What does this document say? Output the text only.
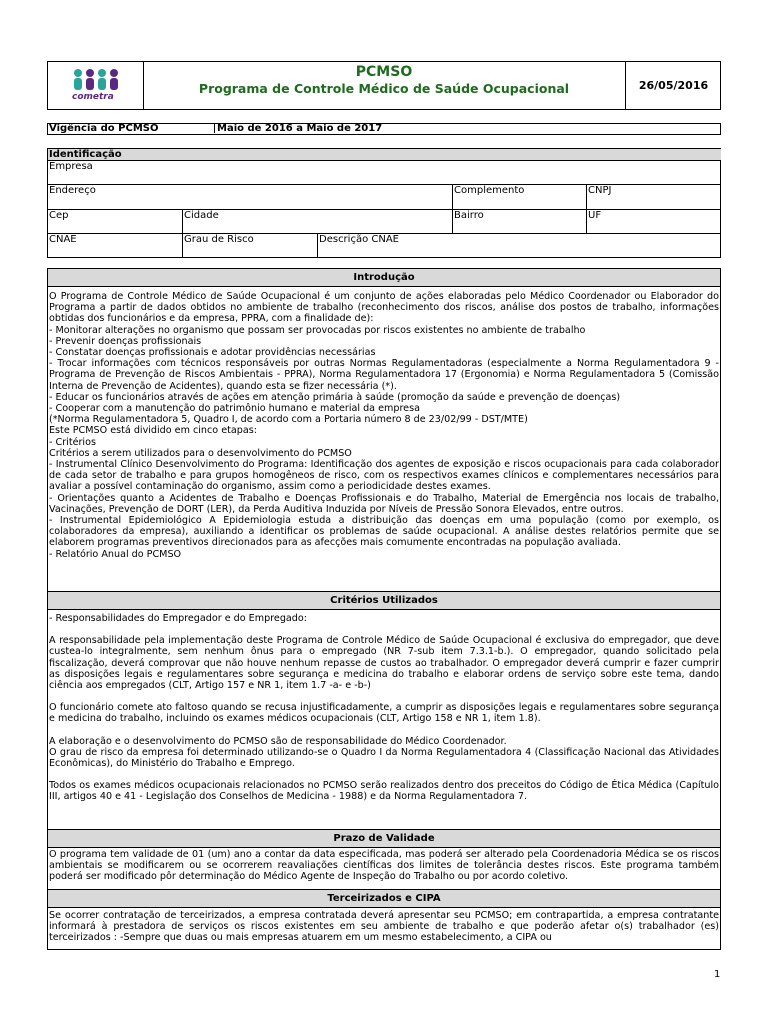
cometra
PCMSO
Programa de Controle Médico de Saúde Ocupacional	26/05/2016
Vigência do PCMSO	Maio de 2016 a Maio de 2017
Identificação
Empresa
Endereço	Complemento	CNPJ
Cep	Cidade	Bairro	UF
CNAE	Grau de Risco	Descrição CNAE
Introdução

O Programa de Controle Médico de Saúde Ocupacional é um conjunto de ações elaboradas pelo Médico Coordenador ou Elaborador do Programa a partir de dados obtidos no ambiente de trabalho (reconhecimento dos riscos, análise dos postos de trabalho, informações obtidas dos funcionários e da empresa, PPRA, com a finalidade de):

- Monitorar alterações no organismo que possam ser provocadas por riscos existentes no ambiente de trabalho

- Prevenir doenças profissionais

- Constatar doenças profissionais e adotar providências necessárias

- Trocar informações com técnicos responsáveis por outras Normas Regulamentadoras (especialmente a Norma Regulamentadora 9 - Programa de Prevenção de Riscos Ambientais - PPRA), Norma Regulamentadora 17 (Ergonomia) e Norma Regulamentadora 5 (Comissão Interna de Prevenção de Acidentes), quando esta se fizer necessária (*).

- Educar os funcionários através de ações em atenção primária à saúde (promoção da saúde e prevenção de doenças)

- Cooperar com a manutenção do patrimônio humano e material da empresa

(*Norma Regulamentadora 5, Quadro I, de acordo com a Portaria número 8 de 23/02/99 - DST/MTE)

Este PCMSO está dividido em cinco etapas:

- Critérios

Critérios a serem utilizados para o desenvolvimento do PCMSO

- Instrumental Clínico Desenvolvimento do Programa: Identificação dos agentes de exposição e riscos ocupacionais para cada colaborador de cada setor de trabalho e para grupos homogêneos de risco, com os respectivos exames clínicos e complementares necessários para avaliar a possível contaminação do organismo, assim como a periodicidade destes exames.

- Orientações quanto a Acidentes de Trabalho e Doenças Profissionais e do Trabalho, Material de Emergência nos locais de trabalho, Vacinações, Prevenção de DORT (LER), da Perda Auditiva Induzida por Níveis de Pressão Sonora Elevados, entre outros.

- Instrumental Epidemiológico A Epidemiologia estuda a distribuição das doenças em uma população (como por exemplo, os colaboradores da empresa), auxiliando a identificar os problemas de saúde ocupacional. A análise destes relatórios permite que se elaborem programas preventivos direcionados para as afecções mais comumente encontradas na população avaliada.

- Relatório Anual do PCMSO

Critérios Utilizados

- Responsabilidades do Empregador e do Empregado:

A responsabilidade pela implementação deste Programa de Controle Médico de Saúde Ocupacional é exclusiva do empregador, que deve custea-lo integralmente, sem nenhum ônus para o empregado (NR 7-sub item 7.3.1-b.). O empregador, quando solicitado pela fiscalização, deverá comprovar que não houve nenhum repasse de custos ao trabalhador. O empregador deverá cumprir e fazer cumprir as disposições legais e regulamentares sobre segurança e medicina do trabalho e elaborar ordens de serviço sobre este tema, dando ciência aos empregados (CLT, Artigo 157 e NR 1, item 1.7 -a- e -b-)

O funcionário comete ato faltoso quando se recusa injustificadamente, a cumprir as disposições legais e regulamentares sobre segurança e medicina do trabalho, incluindo os exames médicos ocupacionais (CLT, Artigo 158 e NR 1, item 1.8).

A elaboração e o desenvolvimento do PCMSO são de responsabilidade do Médico Coordenador.

O grau de risco da empresa foi determinado utilizando-se o Quadro I da Norma Regulamentadora 4 (Classificação Nacional das Atividades Econômicas), do Ministério do Trabalho e Emprego.

Todos os exames médicos ocupacionais relacionados no PCMSO serão realizados dentro dos preceitos do Código de Ética Médica (Capítulo III, artigos 40 e 41 - Legislação dos Conselhos de Medicina - 1988) e da Norma Regulamentadora 7.

Prazo de Validade

O programa tem validade de 01 (um) ano a contar da data especificada, mas poderá ser alterado pela Coordenadoria Médica se os riscos ambientais se modificarem ou se ocorrerem reavaliações científicas dos limites de tolerância destes riscos. Este programa também poderá ser modificado pôr determinação do Médico Agente de Inspeção do Trabalho ou por acordo coletivo.

Terceirizados e CIPA

Se ocorrer contratação de terceirizados, a empresa contratada deverá apresentar seu PCMSO; em contrapartida, a empresa contratante informará à prestadora de serviços os riscos existentes em seu ambiente de trabalho e que poderão afetar o(s) trabalhador (es) terceirizados : -Sempre que duas ou mais empresas atuarem em um mesmo estabelecimento, a CIPA ou

1
